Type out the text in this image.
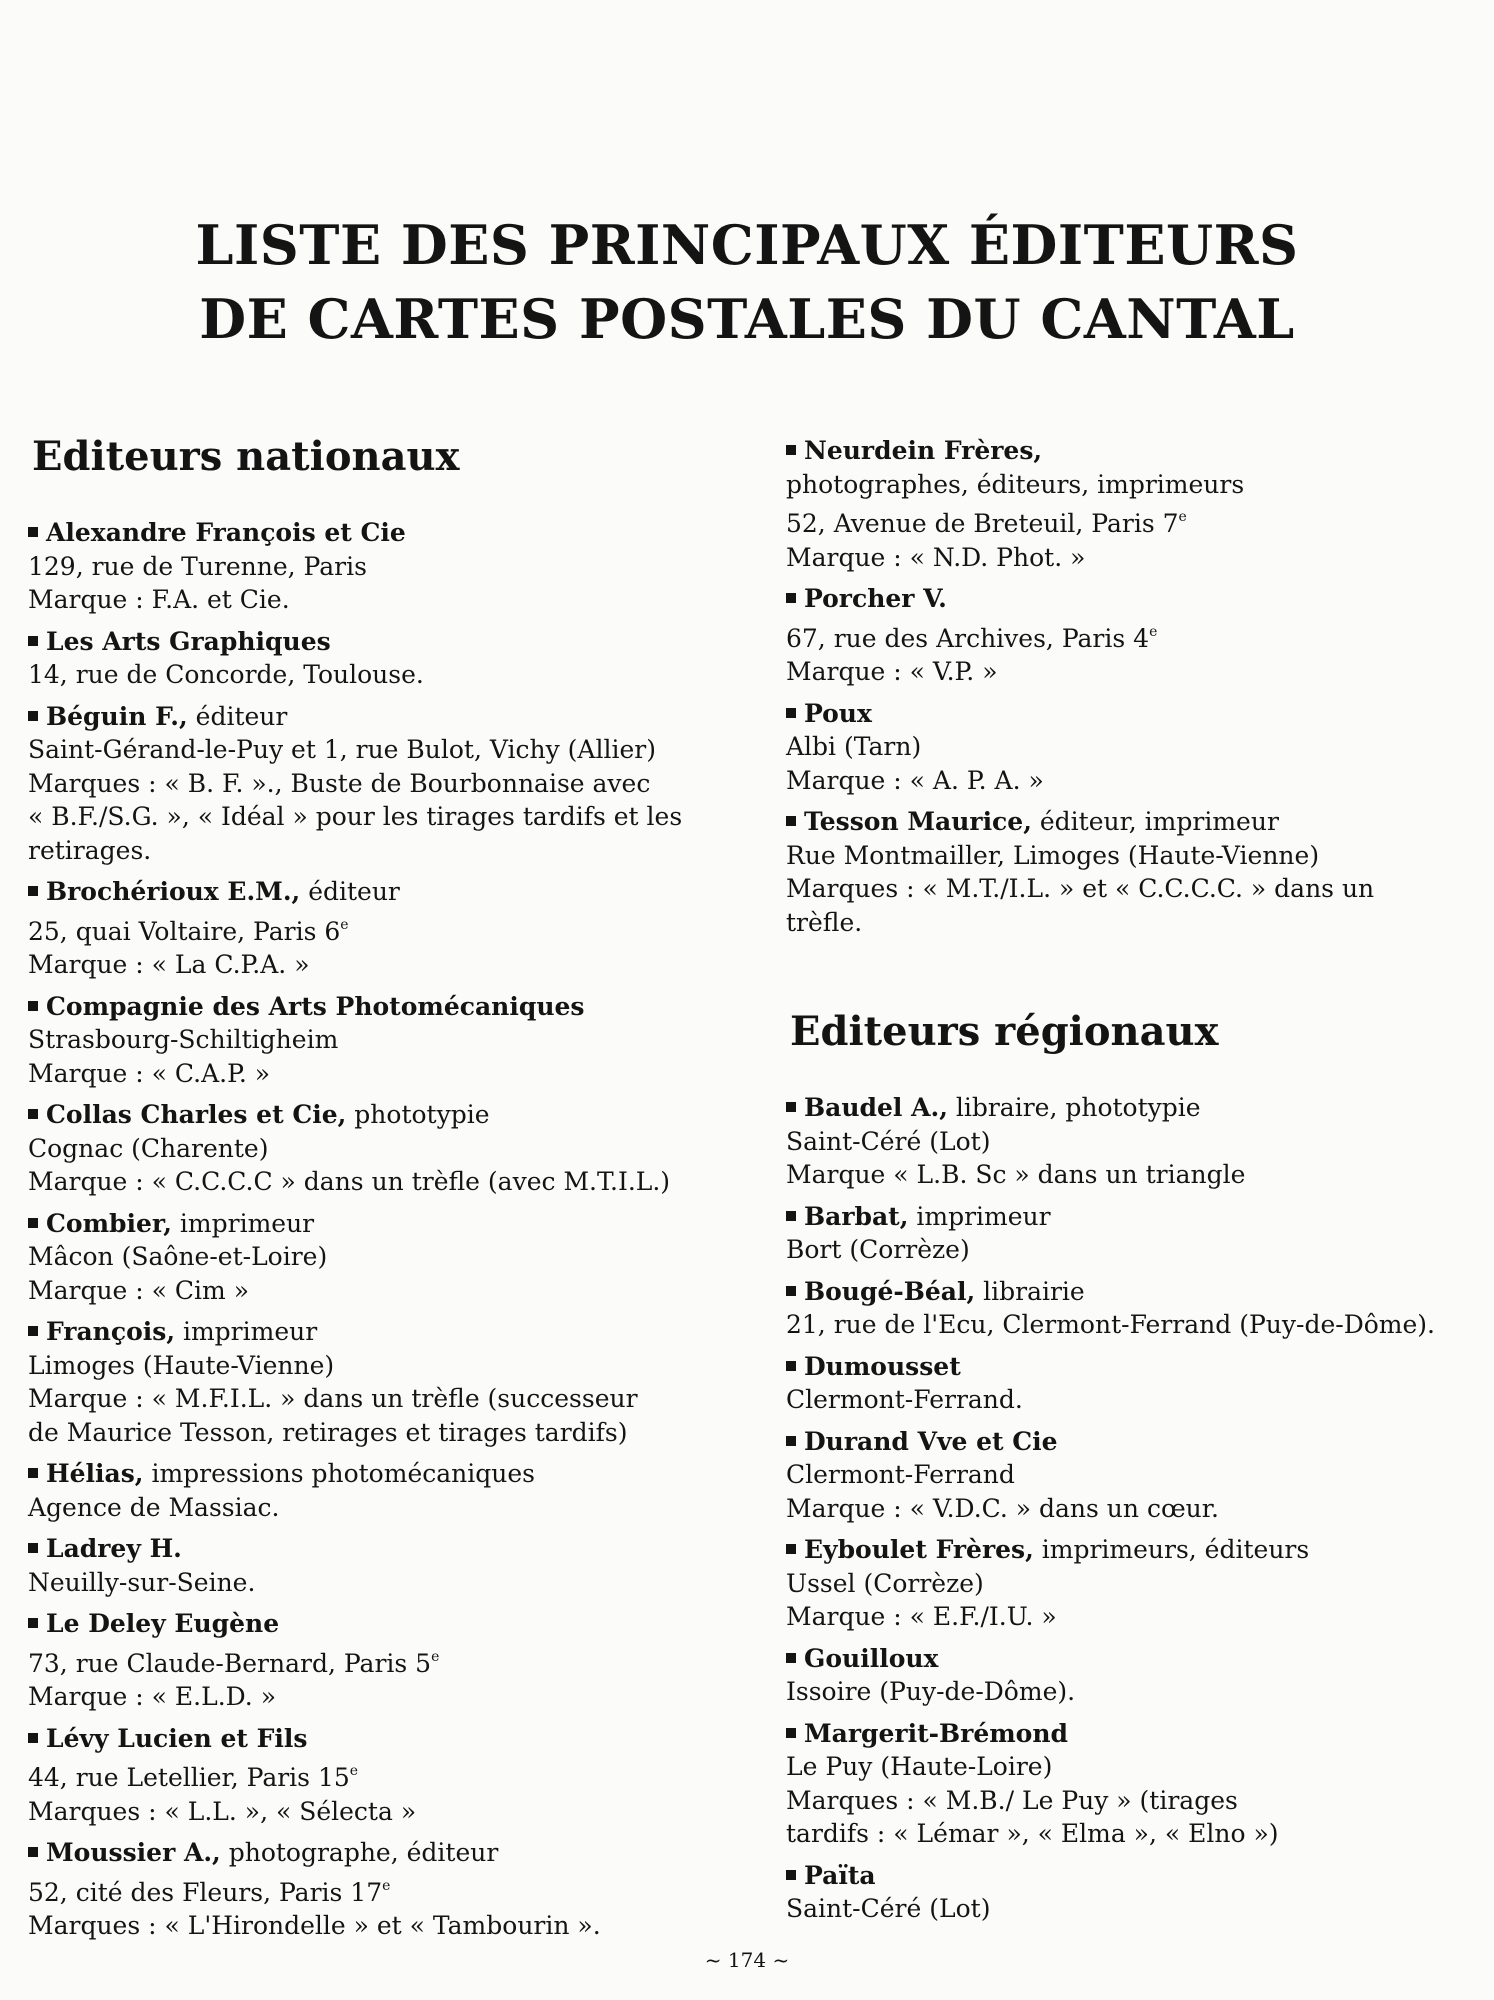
LISTE DES PRINCIPAUX ÉDITEURS
DE CARTES POSTALES DU CANTAL
Editeurs nationaux
Alexandre François et Cie
129, rue de Turenne, Paris
Marque : F.A. et Cie.
Les Arts Graphiques
14, rue de Concorde, Toulouse.
Béguin F., éditeur
Saint-Gérand-le-Puy et 1, rue Bulot, Vichy (Allier)
Marques : « B. F. »., Buste de Bourbonnaise avec
« B.F./S.G. », « Idéal » pour les tirages tardifs et les
retirages.
Brochérioux E.M., éditeur
25, quai Voltaire, Paris 6e
Marque : « La C.P.A. »
Compagnie des Arts Photomécaniques
Strasbourg-Schiltigheim
Marque : « C.A.P. »
Collas Charles et Cie, phototypie
Cognac (Charente)
Marque : « C.C.C.C » dans un trèfle (avec M.T.I.L.)
Combier, imprimeur
Mâcon (Saône-et-Loire)
Marque : « Cim »
François, imprimeur
Limoges (Haute-Vienne)
Marque : « M.F.I.L. » dans un trèfle (successeur
de Maurice Tesson, retirages et tirages tardifs)
Hélias, impressions photomécaniques
Agence de Massiac.
Ladrey H.
Neuilly-sur-Seine.
Le Deley Eugène
73, rue Claude-Bernard, Paris 5e
Marque : « E.L.D. »
Lévy Lucien et Fils
44, rue Letellier, Paris 15e
Marques : « L.L. », « Sélecta »
Moussier A., photographe, éditeur
52, cité des Fleurs, Paris 17e
Marques : « L'Hirondelle » et « Tambourin ».
Neurdein Frères,
photographes, éditeurs, imprimeurs
52, Avenue de Breteuil, Paris 7e
Marque : « N.D. Phot. »
Porcher V.
67, rue des Archives, Paris 4e
Marque : « V.P. »
Poux
Albi (Tarn)
Marque : « A. P. A. »
Tesson Maurice, éditeur, imprimeur
Rue Montmailler, Limoges (Haute-Vienne)
Marques : « M.T./I.L. » et « C.C.C.C. » dans un
trèfle.
Editeurs régionaux
Baudel A., libraire, phototypie
Saint-Céré (Lot)
Marque « L.B. Sc » dans un triangle
Barbat, imprimeur
Bort (Corrèze)
Bougé-Béal, librairie
21, rue de l'Ecu, Clermont-Ferrand (Puy-de-Dôme).
Dumousset
Clermont-Ferrand.
Durand Vve et Cie
Clermont-Ferrand
Marque : « V.D.C. » dans un cœur.
Eyboulet Frères, imprimeurs, éditeurs
Ussel (Corrèze)
Marque : « E.F./I.U. »
Gouilloux
Issoire (Puy-de-Dôme).
Margerit-Brémond
Le Puy (Haute-Loire)
Marques : « M.B./ Le Puy » (tirages
tardifs : « Lémar », « Elma », « Elno »)
Païta
Saint-Céré (Lot)
~ 174 ~
